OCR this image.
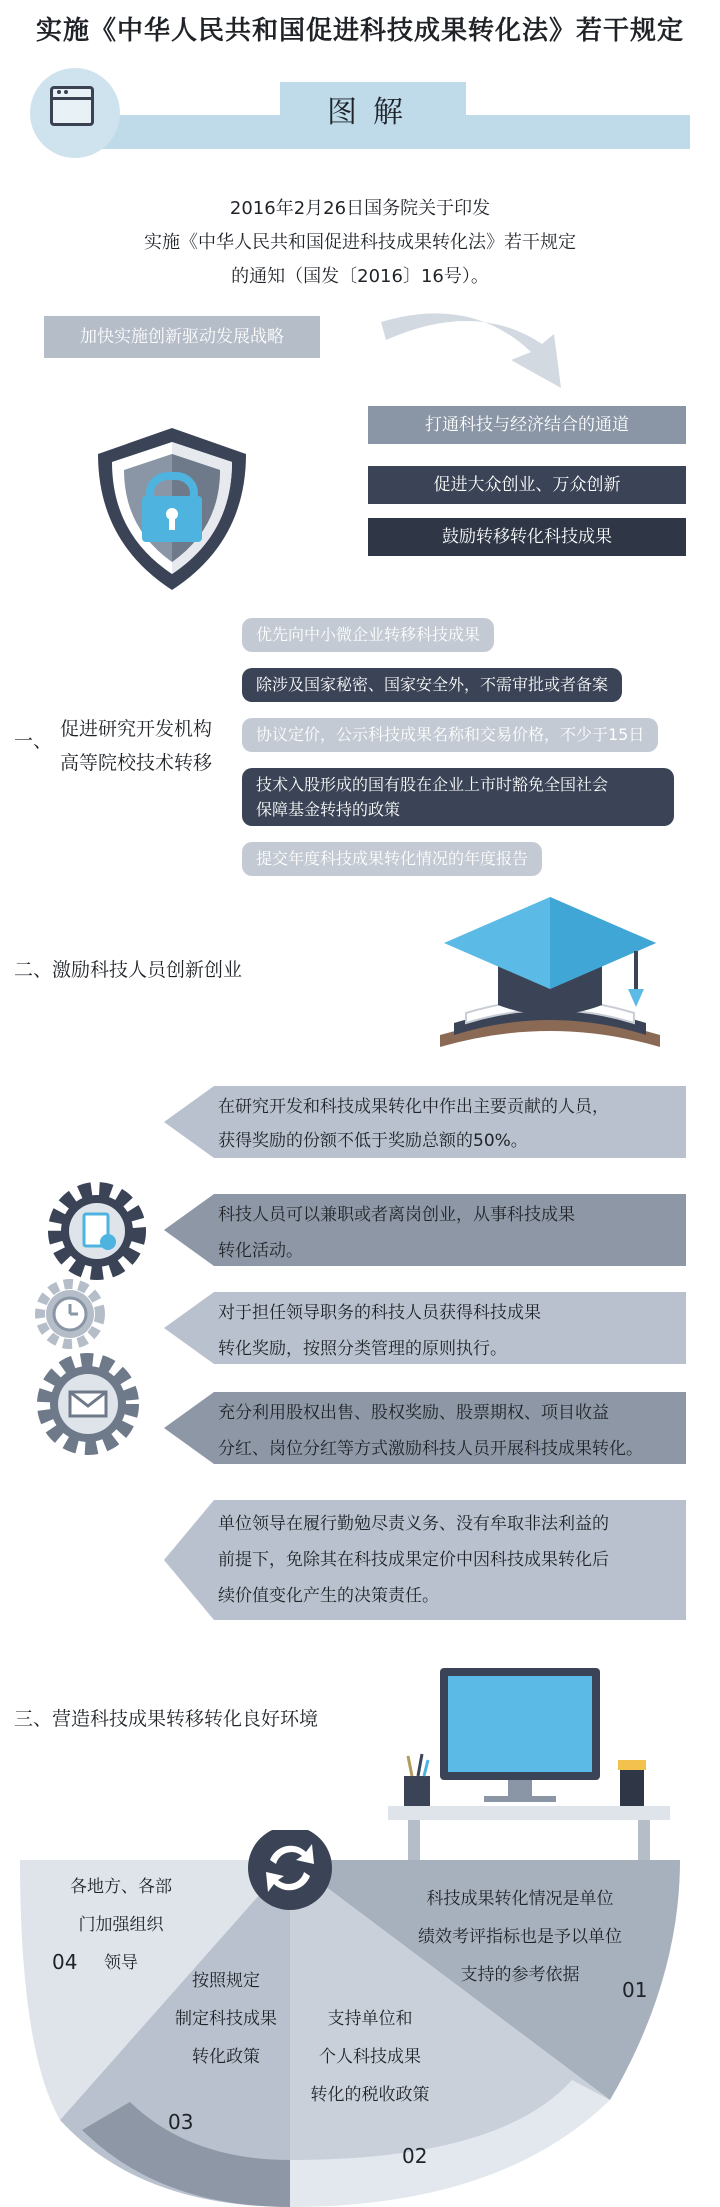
实施《中华人民共和国促进科技成果转化法》若干规定
图解
2016年2月26日国务院关于印发
实施《中华人民共和国促进科技成果转化法》若干规定
的通知（国发〔2016〕16号）。
加快实施创新驱动发展战略
打通科技与经济结合的通道
促进大众创业、万众创新
鼓励转移转化科技成果
一、
促进研究开发机构
高等院校技术转移
优先向中小微企业转移科技成果
除涉及国家秘密、国家安全外，不需审批或者备案
协议定价，公示科技成果名称和交易价格，不少于15日
技术入股形成的国有股在企业上市时豁免全国社会
保障基金转持的政策
提交年度科技成果转化情况的年度报告
二、激励科技人员创新创业
在研究开发和科技成果转化中作出主要贡献的人员，
获得奖励的份额不低于奖励总额的50%。
科技人员可以兼职或者离岗创业，从事科技成果
转化活动。
对于担任领导职务的科技人员获得科技成果
转化奖励，按照分类管理的原则执行。
充分利用股权出售、股权奖励、股票期权、项目收益
分红、岗位分红等方式激励科技人员开展科技成果转化。
单位领导在履行勤勉尽责义务、没有牟取非法利益的
前提下，免除其在科技成果定价中因科技成果转化后
续价值变化产生的决策责任。
三、营造科技成果转移转化良好环境
科技成果转化情况是单位
绩效考评指标也是予以单位
支持的参考依据
01
支持单位和
个人科技成果
转化的税收政策
02
按照规定
制定科技成果
转化政策
03
各地方、各部
门加强组织
领导
04
